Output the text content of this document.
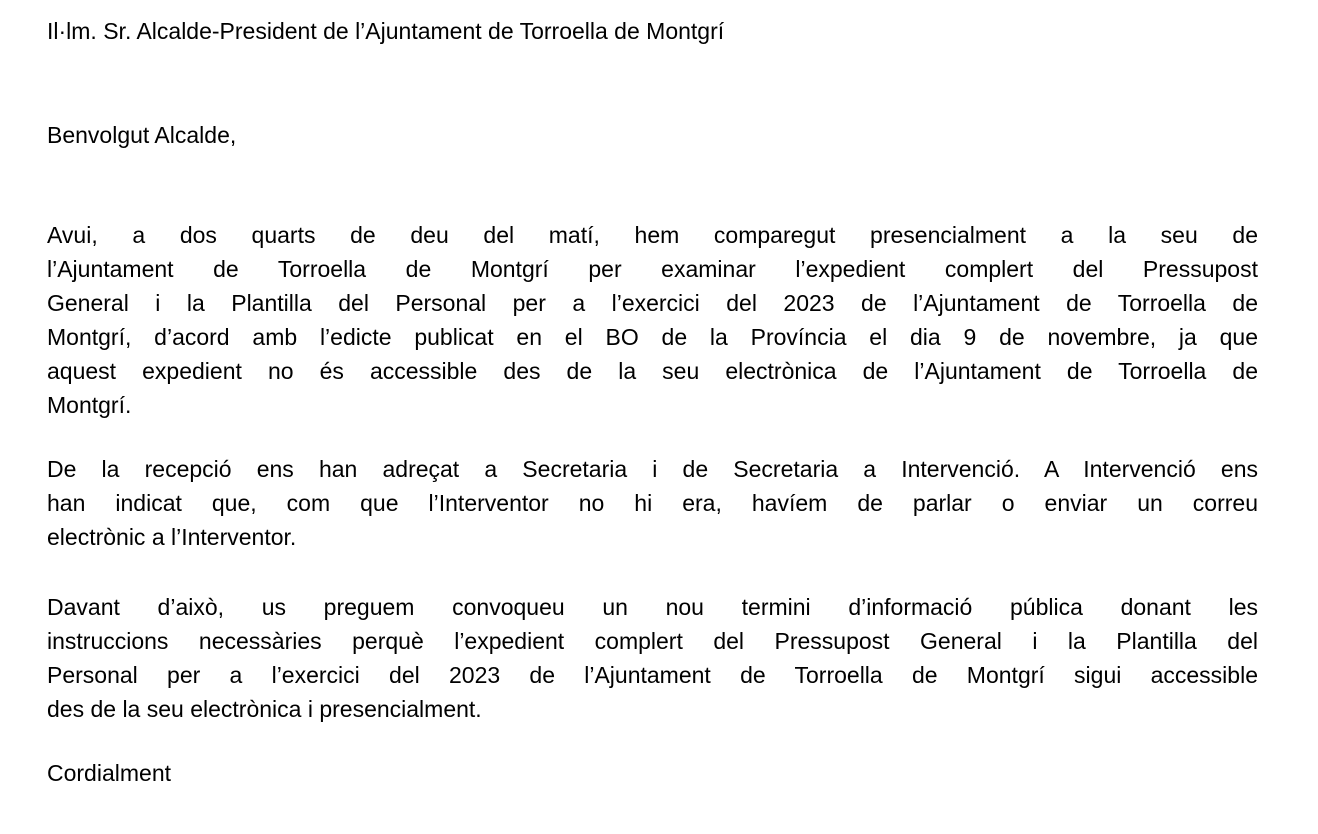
Il·lm. Sr. Alcalde-President de l’Ajuntament de Torroella de Montgrí
Benvolgut Alcalde,
Avui, a dos quarts de deu del matí, hem comparegut presencialment a la seu de
l’Ajuntament de Torroella de Montgrí per examinar l’expedient complert del Pressupost
General i la Plantilla del Personal per a l’exercici del 2023 de l’Ajuntament de Torroella de
Montgrí, d’acord amb l’edicte publicat en el BO de la Província el dia 9 de novembre, ja que
aquest expedient no és accessible des de la seu electrònica de l’Ajuntament de Torroella de
Montgrí.
De la recepció ens han adreçat a Secretaria i de Secretaria a Intervenció. A Intervenció ens
han indicat que, com que l’Interventor no hi era, havíem de parlar o enviar un correu
electrònic a l’Interventor.
Davant d’això, us preguem convoqueu un nou termini d’informació pública donant les
instruccions necessàries perquè l’expedient complert del Pressupost General i la Plantilla del
Personal per a l’exercici del 2023 de l’Ajuntament de Torroella de Montgrí sigui accessible
des de la seu electrònica i presencialment.
Cordialment
